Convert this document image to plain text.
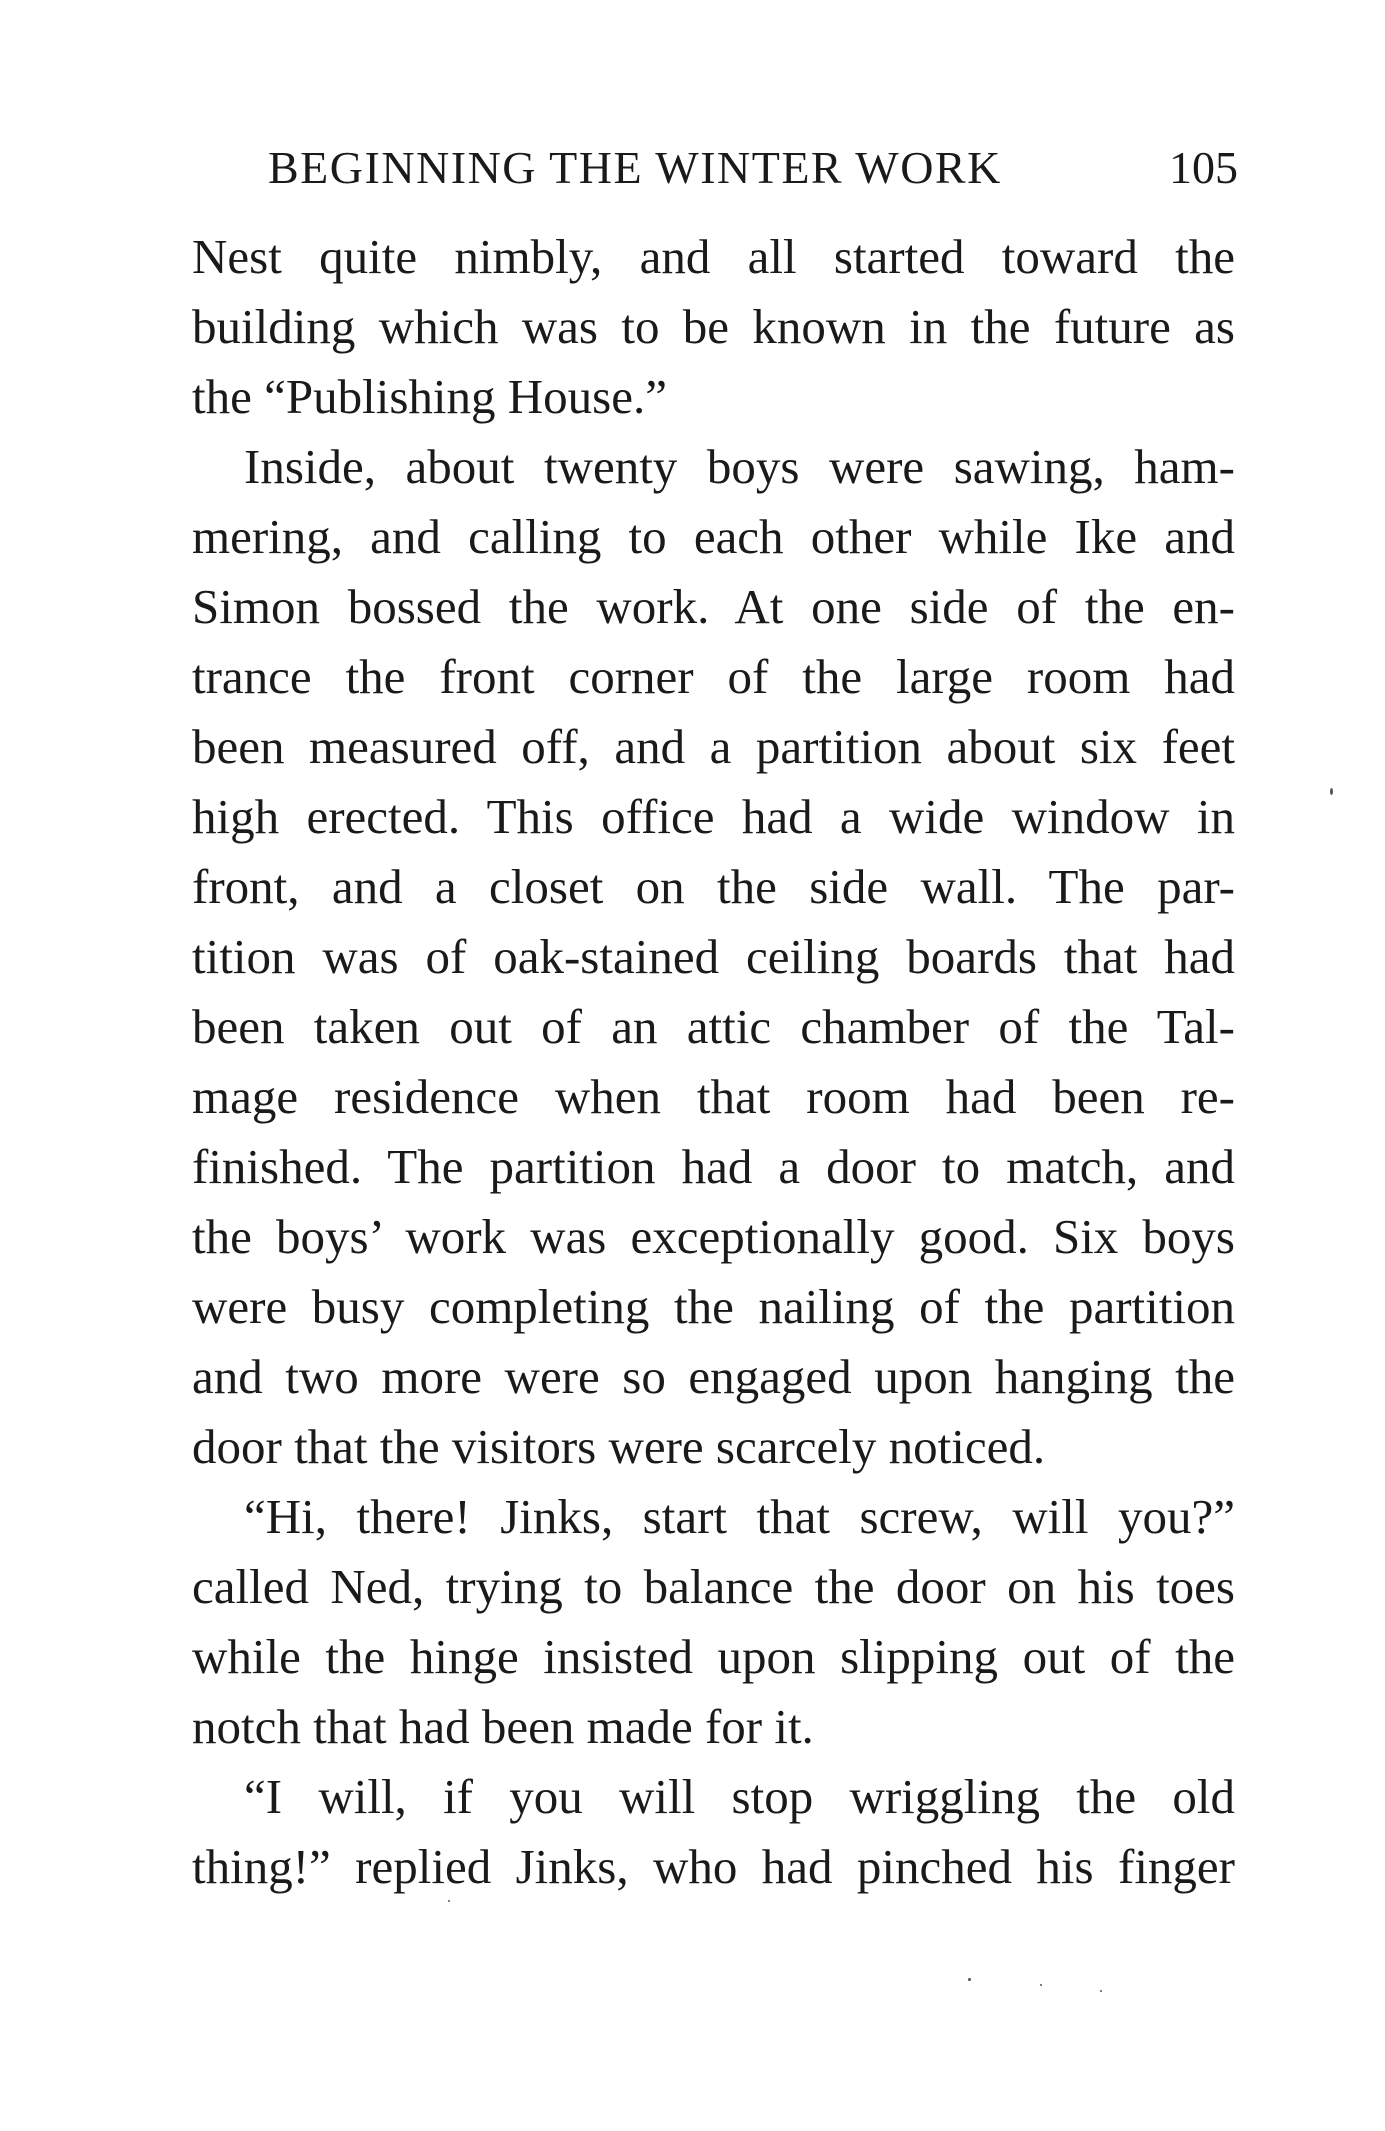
BEGINNING THE WINTER WORK	105
Nest quite nimbly, and all started toward the
building which was to be known in the future as
the “Publishing House.”
Inside, about twenty boys were sawing, ham-
mering, and calling to each other while Ike and
Simon bossed the work. At one side of the en-
trance the front corner of the large room had
been measured off, and a partition about six feet
high erected. This office had a wide window in
front, and a closet on the side wall. The par-
tition was of oak-stained ceiling boards that had
been taken out of an attic chamber of the Tal-
mage residence when that room had been re-
finished. The partition had a door to match, and
the boys’ work was exceptionally good. Six boys
were busy completing the nailing of the partition
and two more were so engaged upon hanging the
door that the visitors were scarcely noticed.
“Hi, there! Jinks, start that screw, will you?”
called Ned, trying to balance the door on his toes
while the hinge insisted upon slipping out of the
notch that had been made for it.
“I will, if you will stop wriggling the old
thing!” replied Jinks, who had pinched his finger
